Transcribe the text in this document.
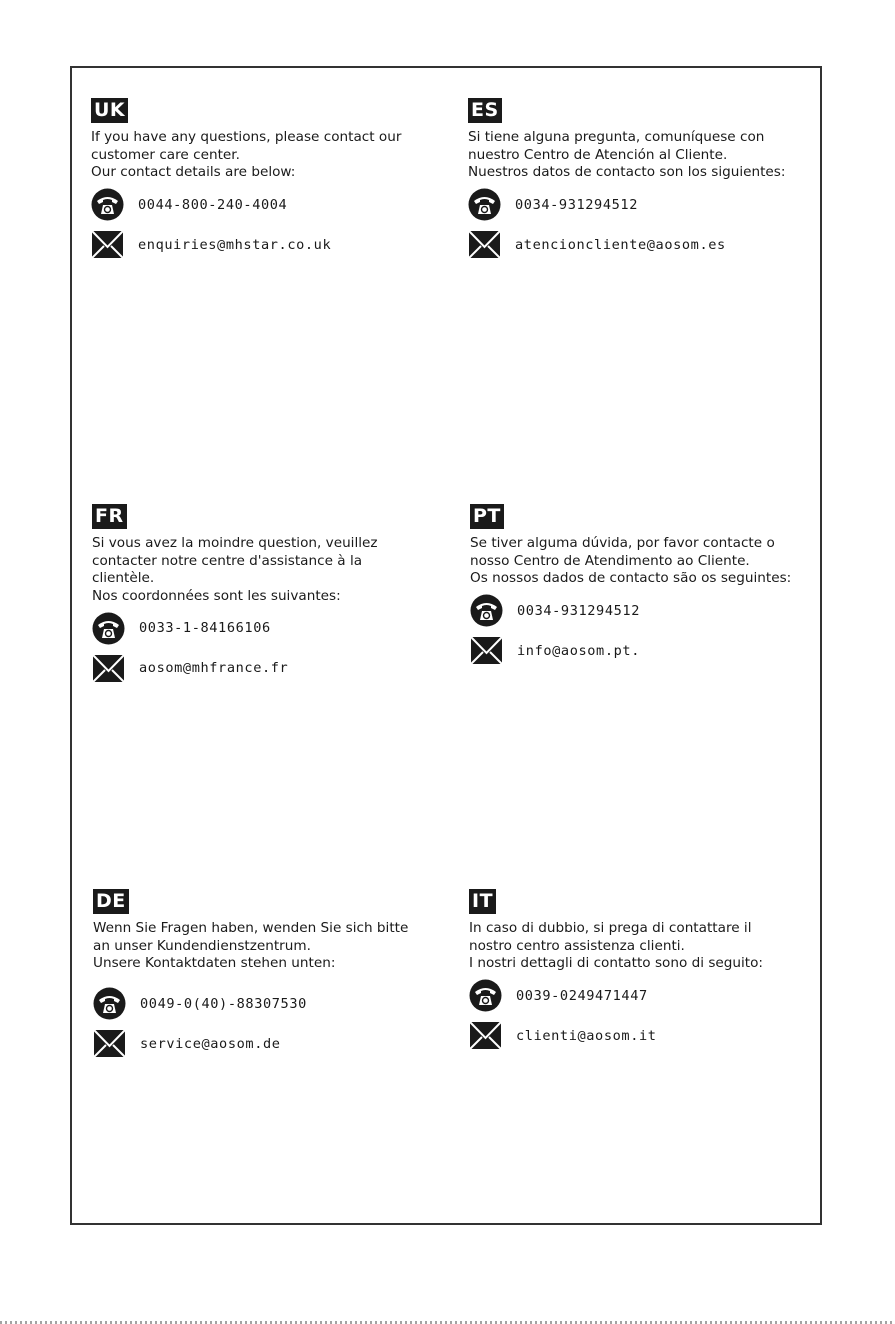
UK
If you have any questions, please contact our
customer care center.
Our contact details are below:
0044-800-240-4004
enquiries@mhstar.co.uk
ES
Si tiene alguna pregunta, comuníquese con
nuestro Centro de Atención al Cliente.
Nuestros datos de contacto son los siguientes:
0034-931294512
atencioncliente@aosom.es
FR
Si vous avez la moindre question, veuillez
contacter notre centre d'assistance à la
clientèle.
Nos coordonnées sont les suivantes:
0033-1-84166106
aosom@mhfrance.fr
PT
Se tiver alguma dúvida, por favor contacte o
nosso Centro de Atendimento ao Cliente.
Os nossos dados de contacto são os seguintes:
0034-931294512
info@aosom.pt.
DE
Wenn Sie Fragen haben, wenden Sie sich bitte
an unser Kundendienstzentrum.
Unsere Kontaktdaten stehen unten:
0049-0(40)-88307530
service@aosom.de
IT
In caso di dubbio, si prega di contattare il
nostro centro assistenza clienti.
I nostri dettagli di contatto sono di seguito:
0039-0249471447
clienti@aosom.it
